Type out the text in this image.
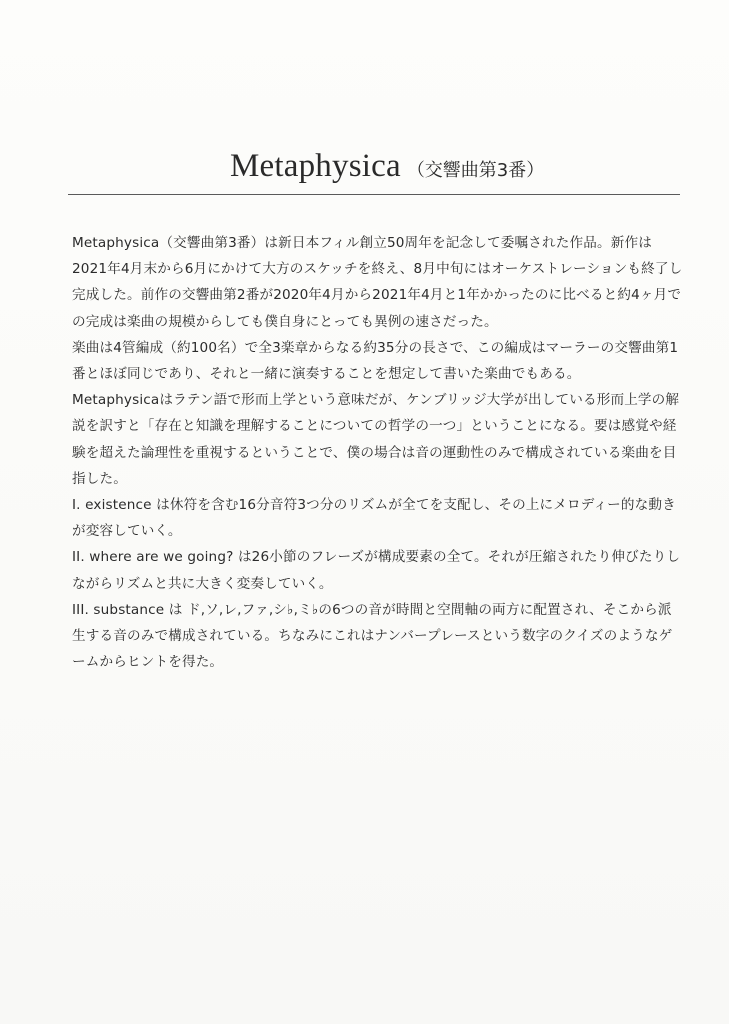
Metaphysica （交響曲第3番）

Metaphysica（交響曲第3番）は新日本フィル創立50周年を記念して委嘱された作品。新作は2021年4月末から6月にかけて大方のスケッチを終え、8月中旬にはオーケストレーションも終了し完成した。前作の交響曲第2番が2020年4月から2021年4月と1年かかったのに比べると約4ヶ月での完成は楽曲の規模からしても僕自身にとっても異例の速さだった。

楽曲は4管編成（約100名）で全3楽章からなる約35分の長さで、この編成はマーラーの交響曲第1番とほぼ同じであり、それと一緒に演奏することを想定して書いた楽曲でもある。

Metaphysicaはラテン語で形而上学という意味だが、ケンブリッジ大学が出している形而上学の解説を訳すと「存在と知識を理解することについての哲学の一つ」ということになる。要は感覚や経験を超えた論理性を重視するということで、僕の場合は音の運動性のみで構成されている楽曲を目指した。

I. existence は休符を含む16分音符3つ分のリズムが全てを支配し、その上にメロディー的な動きが変容していく。

II. where are we going? は26小節のフレーズが構成要素の全て。それが圧縮されたり伸びたりしながらリズムと共に大きく変奏していく。

III. substance は ド,ソ,レ,ファ,シ♭,ミ♭の6つの音が時間と空間軸の両方に配置され、そこから派生する音のみで構成されている。ちなみにこれはナンバープレースという数字のクイズのようなゲームからヒントを得た。
